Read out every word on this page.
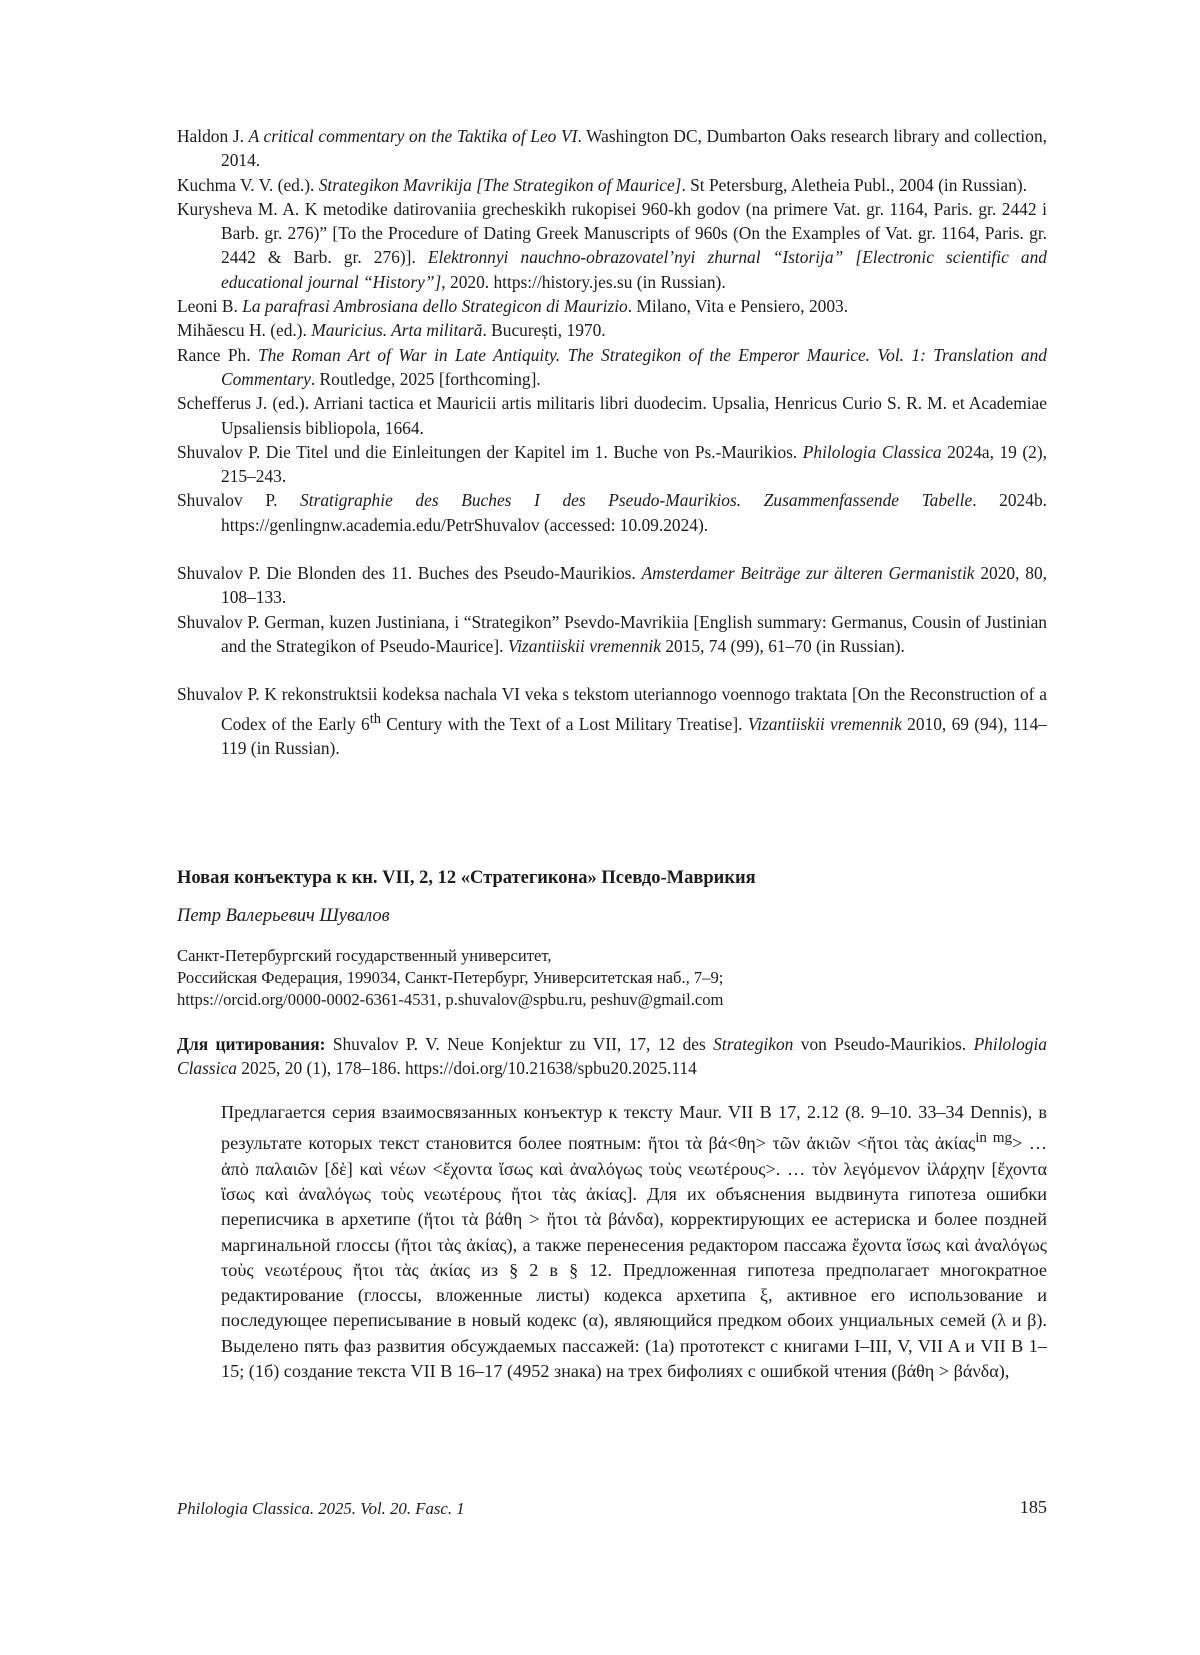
Haldon J. A critical commentary on the Taktika of Leo VI. Washington DC, Dumbarton Oaks research library and collection, 2014.

Kuchma V. V. (ed.). Strategikon Mavrikija [The Strategikon of Maurice]. St Petersburg, Aletheia Publ., 2004 (in Russian).

Kurysheva M. A. K metodike datirovaniia grecheskikh rukopisei 960-kh godov (na primere Vat. gr. 1164, Paris. gr. 2442 i Barb. gr. 276)” [To the Procedure of Dating Greek Manuscripts of 960s (On the Examples of Vat. gr. 1164, Paris. gr. 2442 & Barb. gr. 276)]. Elektronnyi nauchno-obrazovatel’nyi zhurnal “Istorija” [Electronic scientific and educational journal “History”], 2020. https://history.jes.su (in Russian).

Leoni B. La parafrasi Ambrosiana dello Strategicon di Maurizio. Milano, Vita e Pensiero, 2003.

Mihăescu H. (ed.). Mauricius. Arta militară. București, 1970.

Rance Ph. The Roman Art of War in Late Antiquity. The Strategikon of the Emperor Maurice. Vol. 1: Translation and Commentary. Routledge, 2025 [forthcoming].

Schefferus J. (ed.). Arriani tactica et Mauricii artis militaris libri duodecim. Upsalia, Henricus Curio S. R. M. et Academiae Upsaliensis bibliopola, 1664.

Shuvalov P. Die Titel und die Einleitungen der Kapitel im 1. Buche von Ps.-Maurikios. Philologia Classica 2024a, 19 (2), 215–243.

Shuvalov P. Stratigraphie des Buches I des Pseudo-Maurikios. Zusammenfassende Tabelle. 2024b. https://genlingnw.academia.edu/PetrShuvalov (accessed: 10.09.2024).

Shuvalov P. Die Blonden des 11. Buches des Pseudo-Maurikios. Amsterdamer Beiträge zur älteren Germanistik 2020, 80, 108–133.

Shuvalov P. German, kuzen Justiniana, i “Strategikon” Psevdo-Mavrikiia [English summary: Germanus, Cousin of Justinian and the Strategikon of Pseudo-Maurice]. Vizantiiskii vremennik 2015, 74 (99), 61–70 (in Russian).

Shuvalov P. K rekonstruktsii kodeksa nachala VI veka s tekstom uteriannogo voennogo traktata [On the Reconstruction of a Codex of the Early 6th Century with the Text of a Lost Military Treatise]. Vizantiiskii vremennik 2010, 69 (94), 114–119 (in Russian).

Новая конъектура к кн. VII, 2, 12 «Стратегикона» Псевдо-Маврикия
Петр Валерьевич Шувалов
Санкт-Петербургский государственный университет,
Российская Федерация, 199034, Санкт-Петербург, Университетская наб., 7–9;
https://orcid.org/0000-0002-6361-4531, p.shuvalov@spbu.ru, peshuv@gmail.com
Для цитирования: Shuvalov P. V. Neue Konjektur zu VII, 17, 12 des Strategikon von Pseudo-Maurikios. Philologia Classica 2025, 20 (1), 178–186. https://doi.org/10.21638/spbu20.2025.114
Предлагается серия взаимосвязанных конъектур к тексту Maur. VII B 17, 2.12 (8. 9–10. 33–34 Dennis), в результате которых текст становится более поятным: ἤτοι τὰ βά<θη> τῶν ἀκιῶν <ἤτοι τὰς ἀκίας$^{in mg}$> … ἀπὸ παλαιῶν [δὲ] καὶ νέων <ἔχοντα ἴσως καὶ ἀναλόγως τοὺς νεωτέρους>. … τὸν λεγόμενον ἰλάρχην [ἔχοντα ἴσως καὶ ἀναλόγως τοὺς νεωτέρους ἤτοι τὰς ἀκίας]. Для их объяснения выдвинута гипотеза ошибки переписчика в архетипе (ἤτοι τὰ βάθη > ἤτοι τὰ βάνδα), корректирующих ее астериска и более поздней маргинальной глоссы (ἤτοι τὰς ἀκίας), а также перенесения редактором пассажа ἔχοντα ἴσως καὶ ἀναλόγως τοὺς νεωτέρους ἤτοι τὰς ἀκίας из § 2 в § 12. Предложенная гипотеза предполагает многократное редактирование (глоссы, вложенные листы) кодекса архетипа ξ, активное его использование и последующее переписывание в новый кодекс (α), являющийся предком обоих унциальных семей (λ и β). Выделено пять фаз развития обсуждаемых пассажей: (1а) прототекст с книгами I–III, V, VII A и VII B 1–15; (1б) создание текста VII B 16–17 (4952 знака) на трех бифолиях с ошибкой чтения (βάθη > βάνδα),
Philologia Classica. 2025. Vol. 20. Fasc. 1	185
